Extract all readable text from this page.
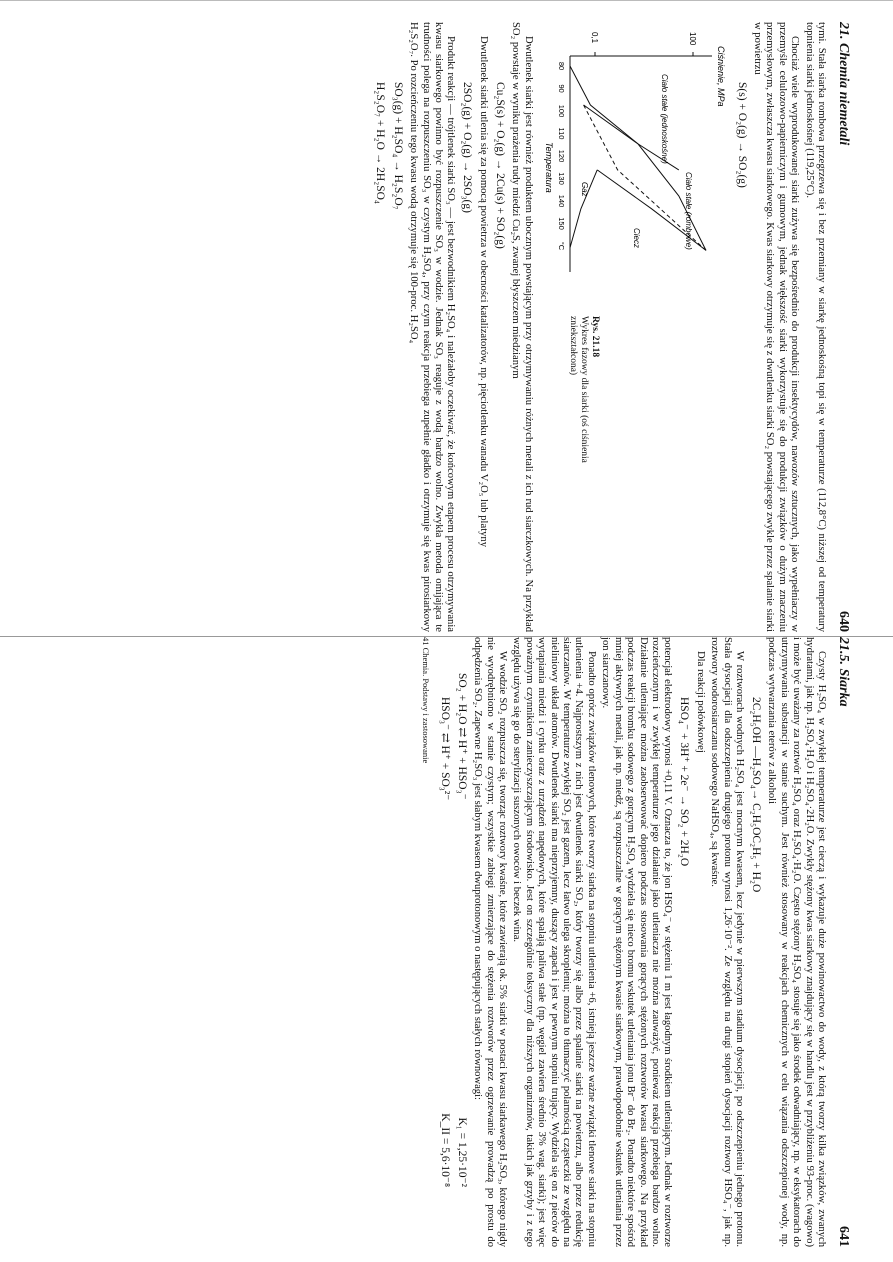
21. Chemia niemetali
640

tymi. Stała siarka rombowa przegrzewa się i bez przemiany w siarkę jednoskośną topi się w temperaturze (112,8°C) niższej od temperatury topnienia siarki jednoskośnej (119,25°C).

Chociaż wiele wyprodukowanej siarki zużywa się bezpośrednio do produkcji insektycydów, nawozów sztucznych, jako wypełniaczy w przemyśle celulozowo-papierniczym i gumowym, jednak większość siarki wykorzystuje się do produkcji związków o dużym znaczeniu przemysłowym, zwłaszcza kwasu siarkowego. Kwas siarkowy otrzymuje się z dwutlenku siarki SO₂ powstającego zwykle przez spalanie siarki w powietrzu

S(s) + O₂(g) → SO₂(g)
Ciśnienie, MPa
0,1	100
80
90
100
110
120
130
140
150
°C
Temperatura
Ciało stałe (rombowe)
Ciało stałe (jednoskośne)
Ciecz
Gaz
Rys. 21.18
Wykres fazowy dla siarki (oś ciśnienia zniekształcona)

Dwutlenek siarki jest również produktem ubocznym powstającym przy otrzymywaniu różnych metali z ich rud siarczkowych. Na przykład SO₂ powstaje w wyniku prażenia rudy miedzi Cu₂S, zwanej błyszczem miedzianym

Cu₂S(s) + O₂(g) → 2Cu(s) + SO₂(g)

Dwutlenek siarki utlenia się za pomocą powietrza w obecności katalizatorów, np. pięciotlenku wanadu V₂O₅ lub platyny

2SO₂(g) + O₂(g) → 2SO₃(g)

Produkt reakcji — trójtlenek siarki SO₃ — jest bezwodnikiem H₂SO₄ i należałoby oczekiwać, że końcowym etapem procesu otrzymywania kwasu siarkowego powinno być rozpuszczenie SO₃ w wodzie. Jednak SO₃ reaguje z wodą bardzo wolno. Zwykła metoda omijająca te trudności polega na rozpuszczeniu SO₃ w czystym H₂SO₄, przy czym reakcja przebiega zupełnie gładko i otrzymuje się kwas pirosiarkowy H₂S₂O₇. Po rozcieńczeniu tego kwasu wodą otrzymuje się 100-proc. H₂SO₄

SO₃(g) + H₂SO₄ → H₂S₂O₇
H₂S₂O₇ + H₂O → 2H₂SO₄
21.5. Siarka
641

Czysty H₂SO₄ w zwykłej temperaturze jest cieczą i wykazuje duże powinowactwo do wody, z którą tworzy kilka związków, zwanych hydratami, jak np. H₂SO₄·H₂O i H₂SO₄·2H₂O. Zwykły stężony kwas siarkowy znajdujący się w handlu jest w przybliżeniu 93-proc. (wagowo) i może być uważany za roztwór H₂SO₄ oraz H₂SO₄·H₂O. Często stężony H₂SO₄ stosuje się jako środek odwadniający, np. w eksykatorach do utrzymywania substancji w stanie suchym. Jest również stosowany w reakcjach chemicznych w celu wiązania odszczepionej wody, np. podczas wytwarzania eterów z alkoholi

2C₂H₅OH —H₂SO₄→ C₂H₅OC₂H₅ + H₂O

W roztworach wodnych H₂SO₄ jest mocnym kwasem, lecz jedynie w pierwszym stadium dysocjacji, po odszczepieniu jednego protonu. Stała dysocjacji dla odszczepienia drugiego protonu wynosi 1,26·10⁻². Ze względu na drugi stopień dysocjacji roztwory HSO₄⁻, jak np. roztwory wodorosiarczanu sodowego NaHSO₄, są kwaśne.

Dla reakcji połówkowej

HSO₄⁻ + 3H⁺ + 2e⁻ → SO₂ + 2H₂O

potencjał elektrodowy wynosi +0,11 V. Oznacza to, że jon HSO₄⁻ w stężeniu 1 m jest łagodnym środkiem utleniającym. Jednak w roztworze rozcieńczonym i w zwykłej temperaturze jego działanie jako utleniacza nie można zauważyć, ponieważ reakcja przebiega bardzo wolno. Działanie utleniające można zaobserwować dopiero podczas stosowania gorących stężonych roztworów kwasu siarkowego. Na przykład podczas reakcji bromku sodowego z gorącym H₂SO₄ wydziela się nieco bromu wskutek utleniania jonu Br⁻ do Br₂. Ponadto niektóre spośród mniej aktywnych metali, jak np. miedź, są rozpuszczalne w gorącym stężonym kwasie siarkowym, prawdopodobnie wskutek utleniania przez jon siarczanowy.

Ponadto oprócz związków tlenowych, które tworzy siarka na stopniu utlenienia +6, istnieją jeszcze ważne związki tlenowe siarki na stopniu utlenienia +4. Najprostszym z nich jest dwutlenek siarki SO₂, który tworzy się albo przez spalanie siarki na powietrzu, albo przez redukcję siarczanów. W temperaturze zwykłej SO₂ jest gazem, lecz łatwo ulega skropleniu; można to tłumaczyć polarnością cząsteczki ze względu na nieliniowy układ atomów. Dwutlenek siarki ma nieprzyjemny, duszący zapach i jest w pewnym stopniu trujący. Wydziela się on z pieców do wytapiania miedzi i cynku oraz z urządzeń napędowych, które spalają paliwa stałe (np. węgiel zawiera średnio 3% wag. siarki); jest więc poważnym czynnikiem zanieczyszczającym środowisko. Jest on szczególnie toksyczny dla niższych organizmów, takich jak grzyby i z tego względu używa się go do sterylizacji suszonych owoców i beczek wina.

W wodzie SO₂ rozpuszcza się, tworząc roztwory kwaśne, które zawierają ok. 5% siarki w postaci kwasu siarkawego H₂SO₃, którego nigdy nie wyodrębniono w stanie czystym; wszystkie zabiegi zmierzające do stężenia roztworów przez ogrzewanie prowadzą po prostu do odpędzenia SO₂. Zapewne H₂SO₃ jest słabym kwasem dwuprotonowym o następujących stałych równowagi:

SO₂ + H₂O ⇄ H⁺ + HSO₃⁻
K₁ = 1,25·10⁻²
HSO₃⁻ ⇄ H⁺ + SO₃²⁻
K_II = 5,6·10⁻⁸
41 Chemia. Podstawy i zastosowanie
